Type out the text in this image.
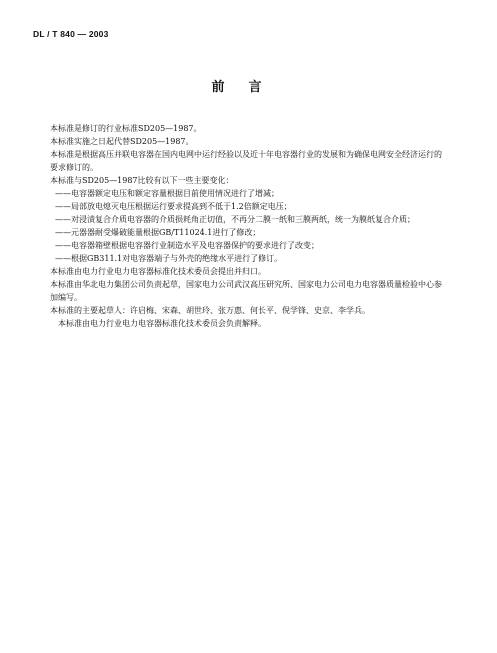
DL / T 840 — 2003
前言

本标准是修订的行业标准SD205—1987。

本标准实施之日起代替SD205—1987。

本标准是根据高压并联电容器在国内电网中运行经验以及近十年电容器行业的发展和为确保电网安全经济运行的要求修订的。

本标准与SD205—1987比较有以下一些主要变化：

——电容器额定电压和额定容量根据目前使用情况进行了增减；

——局部放电熄灭电压根据运行要求提高到不低于1.2倍额定电压；

——对浸渍复合介质电容器的介质损耗角正切值，不再分二膜一纸和三膜两纸，统一为膜纸复合介质；

——元器器耐受爆破能量根据GB/T11024.1进行了修改；

——电容器箱壁根据电容器行业制造水平及电容器保护的要求进行了改变；

——根据GB311.1对电容器端子与外壳的绝缘水平进行了修订。

本标准由电力行业电力电容器标准化技术委员会提出并归口。

本标准由华北电力集团公司负责起草，国家电力公司武汉高压研究所、国家电力公司电力电容器质量检验中心参加编写。

本标准的主要起草人：许启梅、宋森、胡世玲、张万惠、何长平、倪学锋、史京、李学兵。

本标准由电力行业电力电容器标准化技术委员会负责解释。
